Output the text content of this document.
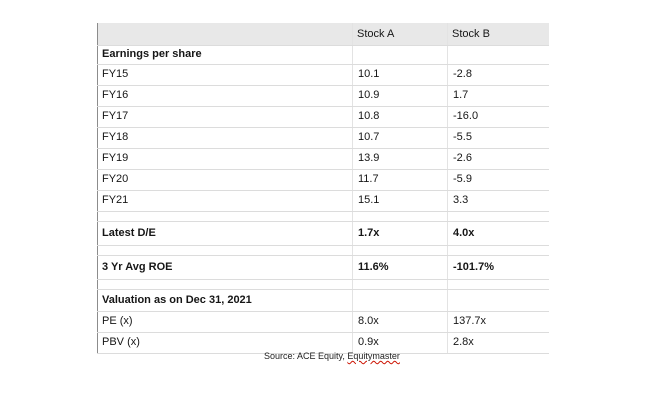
	Stock A	Stock B
Earnings per share		
FY15	10.1	-2.8
FY16	10.9	1.7
FY17	10.8	-16.0
FY18	10.7	-5.5
FY19	13.9	-2.6
FY20	11.7	-5.9
FY21	15.1	3.3

Latest D/E	1.7x	4.0x

3 Yr Avg ROE	11.6%	-101.7%

Valuation as on Dec 31, 2021		
PE (x)	8.0x	137.7x
PBV (x)	0.9x	2.8x
Source: ACE Equity, Equitymaster
